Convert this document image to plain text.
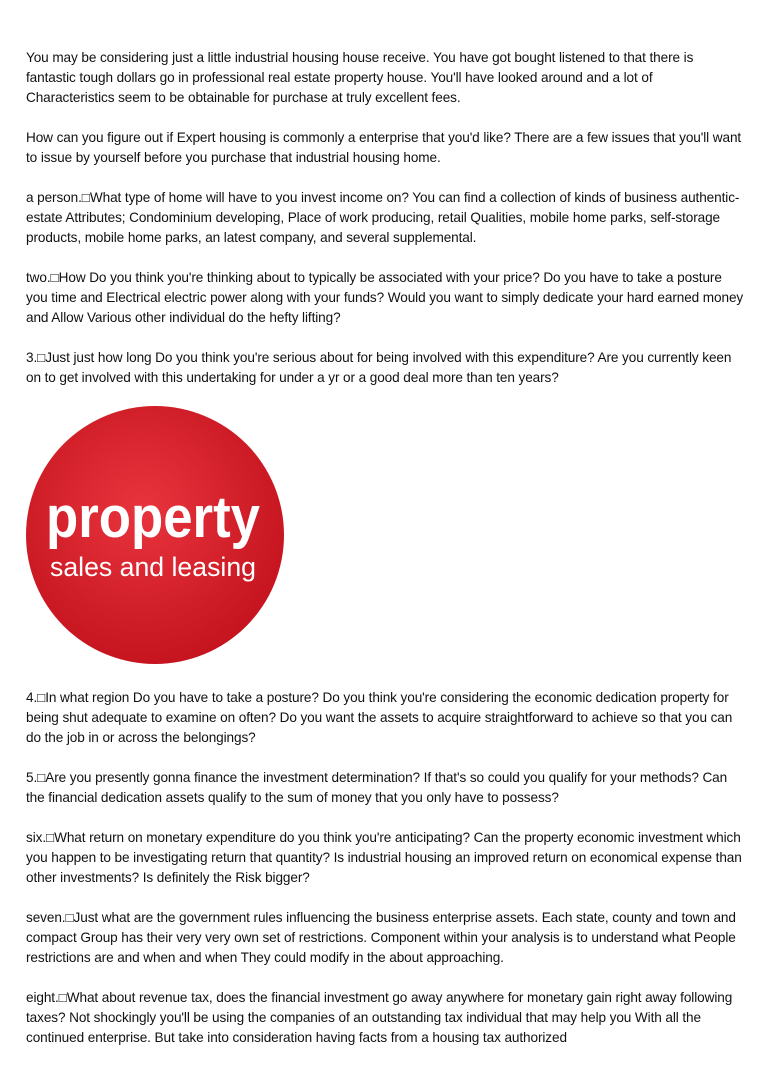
You may be considering just a little industrial housing house receive. You have got bought listened to that there is fantastic tough dollars go in professional real estate property house. You'll have looked around and a lot of Characteristics seem to be obtainable for purchase at truly excellent fees.

How can you figure out if Expert housing is commonly a enterprise that you'd like? There are a few issues that you'll want to issue by yourself before you purchase that industrial housing home.

a person.□What type of home will have to you invest income on? You can find a collection of kinds of business authentic-estate Attributes; Condominium developing, Place of work producing, retail Qualities, mobile home parks, self-storage products, mobile home parks, an latest company, and several supplemental.

two.□How Do you think you're thinking about to typically be associated with your price? Do you have to take a posture you time and Electrical electric power along with your funds? Would you want to simply dedicate your hard earned money and Allow Various other individual do the hefty lifting?

3.□Just just how long Do you think you're serious about for being involved with this expenditure? Are you currently keen on to get involved with this undertaking for under a yr or a good deal more than ten years?

property
sales and leasing

4.□In what region Do you have to take a posture? Do you think you're considering the economic dedication property for being shut adequate to examine on often? Do you want the assets to acquire straightforward to achieve so that you can do the job in or across the belongings?

5.□Are you presently gonna finance the investment determination? If that's so could you qualify for your methods? Can the financial dedication assets qualify to the sum of money that you only have to possess?

six.□What return on monetary expenditure do you think you're anticipating? Can the property economic investment which you happen to be investigating return that quantity? Is industrial housing an improved return on economical expense than other investments? Is definitely the Risk bigger?

seven.□Just what are the government rules influencing the business enterprise assets. Each state, county and town and compact Group has their very very own set of restrictions. Component within your analysis is to understand what People restrictions are and when and when They could modify in the about approaching.

eight.□What about revenue tax, does the financial investment go away anywhere for monetary gain right away following taxes? Not shockingly you'll be using the companies of an outstanding tax individual that may help you With all the continued enterprise. But take into consideration having facts from a housing tax authorized
